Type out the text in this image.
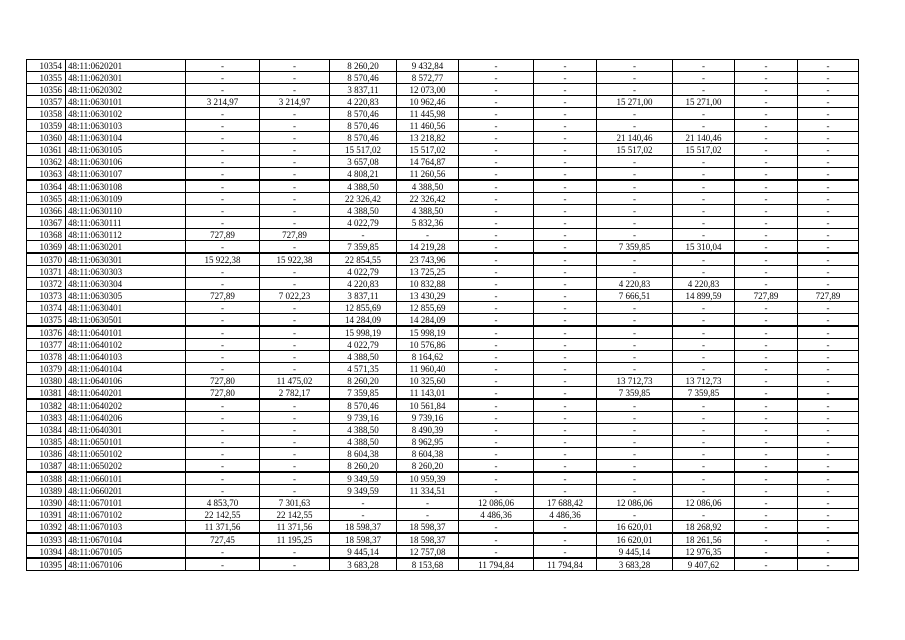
10354	48:11:0620201	-	-	8 260,20	9 432,84	-	-	-	-	-	-
10355	48:11:0620301	-	-	8 570,46	8 572,77	-	-	-	-	-	-
10356	48:11:0620302	-	-	3 837,11	12 073,00	-	-	-	-	-	-
10357	48:11:0630101	3 214,97	3 214,97	4 220,83	10 962,46	-	-	15 271,00	15 271,00	-	-
10358	48:11:0630102	-	-	8 570,46	11 445,98	-	-	-	-	-	-
10359	48:11:0630103	-	-	8 570,46	11 460,56	-	-	-	-	-	-
10360	48:11:0630104	-	-	8 570,46	13 218,82	-	-	21 140,46	21 140,46	-	-
10361	48:11:0630105	-	-	15 517,02	15 517,02	-	-	15 517,02	15 517,02	-	-
10362	48:11:0630106	-	-	3 657,08	14 764,87	-	-	-	-	-	-
10363	48:11:0630107	-	-	4 808,21	11 260,56	-	-	-	-	-	-
10364	48:11:0630108	-	-	4 388,50	4 388,50	-	-	-	-	-	-
10365	48:11:0630109	-	-	22 326,42	22 326,42	-	-	-	-	-	-
10366	48:11:0630110	-	-	4 388,50	4 388,50	-	-	-	-	-	-
10367	48:11:0630111	-	-	4 022,79	5 832,36	-	-	-	-	-	-
10368	48:11:0630112	727,89	727,89	-	-	-	-	-	-	-	-
10369	48:11:0630201	-	-	7 359,85	14 219,28	-	-	7 359,85	15 310,04	-	-
10370	48:11:0630301	15 922,38	15 922,38	22 854,55	23 743,96	-	-	-	-	-	-
10371	48:11:0630303	-	-	4 022,79	13 725,25	-	-	-	-	-	-
10372	48:11:0630304	-	-	4 220,83	10 832,88	-	-	4 220,83	4 220,83	-	-
10373	48:11:0630305	727,89	7 022,23	3 837,11	13 430,29	-	-	7 666,51	14 899,59	727,89	727,89
10374	48:11:0630401	-	-	12 855,69	12 855,69	-	-	-	-	-	-
10375	48:11:0630501	-	-	14 284,09	14 284,09	-	-	-	-	-	-
10376	48:11:0640101	-	-	15 998,19	15 998,19	-	-	-	-	-	-
10377	48:11:0640102	-	-	4 022,79	10 576,86	-	-	-	-	-	-
10378	48:11:0640103	-	-	4 388,50	8 164,62	-	-	-	-	-	-
10379	48:11:0640104	-	-	4 571,35	11 960,40	-	-	-	-	-	-
10380	48:11:0640106	727,80	11 475,02	8 260,20	10 325,60	-	-	13 712,73	13 712,73	-	-
10381	48:11:0640201	727,80	2 782,17	7 359,85	11 143,01	-	-	7 359,85	7 359,85	-	-
10382	48:11:0640202	-	-	8 570,46	10 561,84	-	-	-	-	-	-
10383	48:11:0640206	-	-	9 739,16	9 739,16	-	-	-	-	-	-
10384	48:11:0640301	-	-	4 388,50	8 490,39	-	-	-	-	-	-
10385	48:11:0650101	-	-	4 388,50	8 962,95	-	-	-	-	-	-
10386	48:11:0650102	-	-	8 604,38	8 604,38	-	-	-	-	-	-
10387	48:11:0650202	-	-	8 260,20	8 260,20	-	-	-	-	-	-
10388	48:11:0660101	-	-	9 349,59	10 959,39	-	-	-	-	-	-
10389	48:11:0660201	-	-	9 349,59	11 334,51	-	-	-	-	-	-
10390	48:11:0670101	4 853,70	7 301,63	-	-	12 086,06	17 688,42	12 086,06	12 086,06	-	-
10391	48:11:0670102	22 142,55	22 142,55	-	-	4 486,36	4 486,36	-	-	-	-
10392	48:11:0670103	11 371,56	11 371,56	18 598,37	18 598,37	-	-	16 620,01	18 268,92	-	-
10393	48:11:0670104	727,45	11 195,25	18 598,37	18 598,37	-	-	16 620,01	18 261,56	-	-
10394	48:11:0670105	-	-	9 445,14	12 757,08	-	-	9 445,14	12 976,35	-	-
10395	48:11:0670106	-	-	3 683,28	8 153,68	11 794,84	11 794,84	3 683,28	9 407,62	-	-
